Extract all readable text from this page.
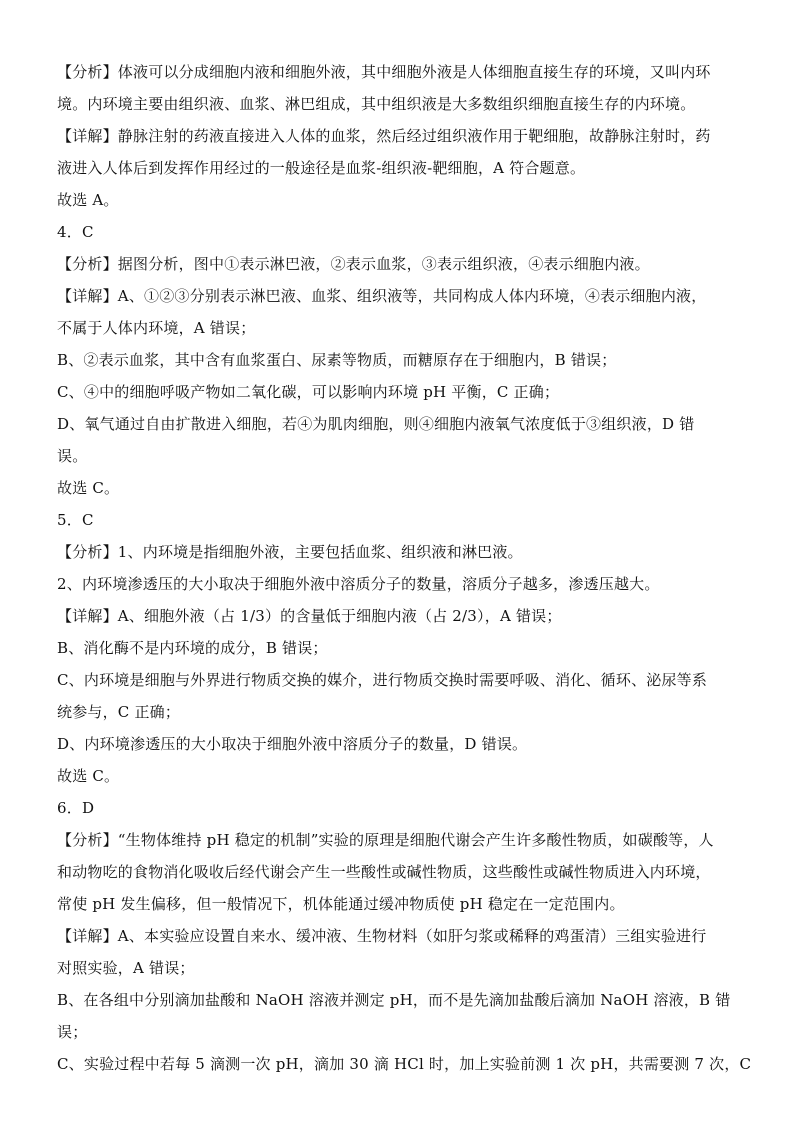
【分析】体液可以分成细胞内液和细胞外液，其中细胞外液是人体细胞直接生存的环境，又叫内环
境。内环境主要由组织液、血浆、淋巴组成，其中组织液是大多数组织细胞直接生存的内环境。
【详解】静脉注射的药液直接进入人体的血浆，然后经过组织液作用于靶细胞，故静脉注射时，药
液进入人体后到发挥作用经过的一般途径是血浆-组织液-靶细胞，A 符合题意。
故选 A。
4．C
【分析】据图分析，图中①表示淋巴液，②表示血浆，③表示组织液，④表示细胞内液。
【详解】A、①②③分别表示淋巴液、血浆、组织液等，共同构成人体内环境，④表示细胞内液，
不属于人体内环境，A 错误；
B、②表示血浆，其中含有血浆蛋白、尿素等物质，而糖原存在于细胞内，B 错误；
C、④中的细胞呼吸产物如二氧化碳，可以影响内环境 pH 平衡，C 正确；
D、氧气通过自由扩散进入细胞，若④为肌肉细胞，则④细胞内液氧气浓度低于③组织液，D 错
误。
故选 C。
5．C
【分析】1、内环境是指细胞外液，主要包括血浆、组织液和淋巴液。
2、内环境渗透压的大小取决于细胞外液中溶质分子的数量，溶质分子越多，渗透压越大。
【详解】A、细胞外液（占 1/3）的含量低于细胞内液（占 2/3），A 错误；
B、消化酶不是内环境的成分，B 错误；
C、内环境是细胞与外界进行物质交换的媒介，进行物质交换时需要呼吸、消化、循环、泌尿等系
统参与，C 正确；
D、内环境渗透压的大小取决于细胞外液中溶质分子的数量，D 错误。
故选 C。
6．D
【分析】“生物体维持 pH 稳定的机制”实验的原理是细胞代谢会产生许多酸性物质，如碳酸等，人
和动物吃的食物消化吸收后经代谢会产生一些酸性或碱性物质，这些酸性或碱性物质进入内环境，
常使 pH 发生偏移，但一般情况下，机体能通过缓冲物质使 pH 稳定在一定范围内。
【详解】A、本实验应设置自来水、缓冲液、生物材料（如肝匀浆或稀释的鸡蛋清）三组实验进行
对照实验，A 错误；
B、在各组中分别滴加盐酸和 NaOH 溶液并测定 pH，而不是先滴加盐酸后滴加 NaOH 溶液，B 错
误；
C、实验过程中若每 5 滴测一次 pH，滴加 30 滴 HCl 时，加上实验前测 1 次 pH，共需要测 7 次，C
